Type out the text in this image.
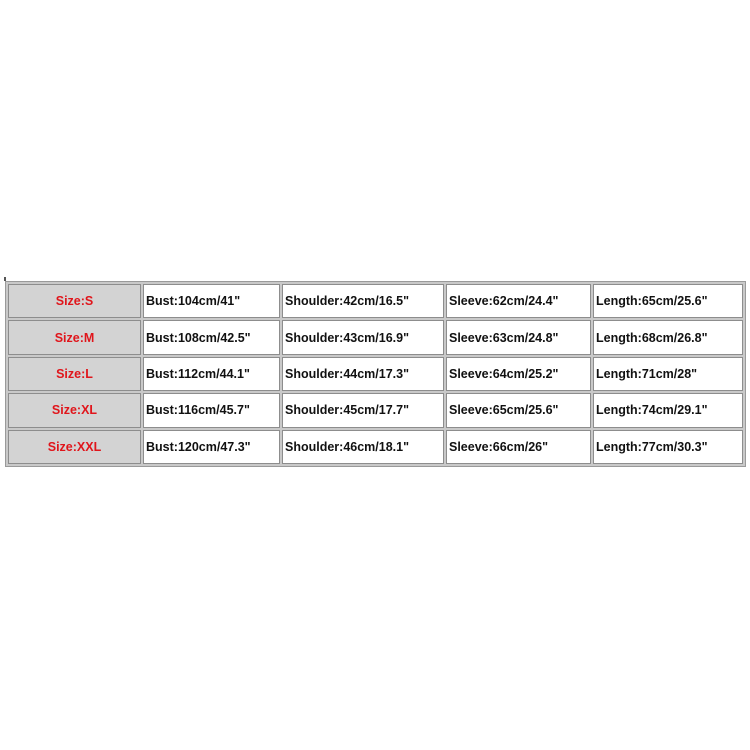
Size:S	Bust:104cm/41"	Shoulder:42cm/16.5"	Sleeve:62cm/24.4"	Length:65cm/25.6"
Size:M	Bust:108cm/42.5"	Shoulder:43cm/16.9"	Sleeve:63cm/24.8"	Length:68cm/26.8"
Size:L	Bust:112cm/44.1"	Shoulder:44cm/17.3"	Sleeve:64cm/25.2"	Length:71cm/28"
Size:XL	Bust:116cm/45.7"	Shoulder:45cm/17.7"	Sleeve:65cm/25.6"	Length:74cm/29.1"
Size:XXL	Bust:120cm/47.3"	Shoulder:46cm/18.1"	Sleeve:66cm/26"	Length:77cm/30.3"
